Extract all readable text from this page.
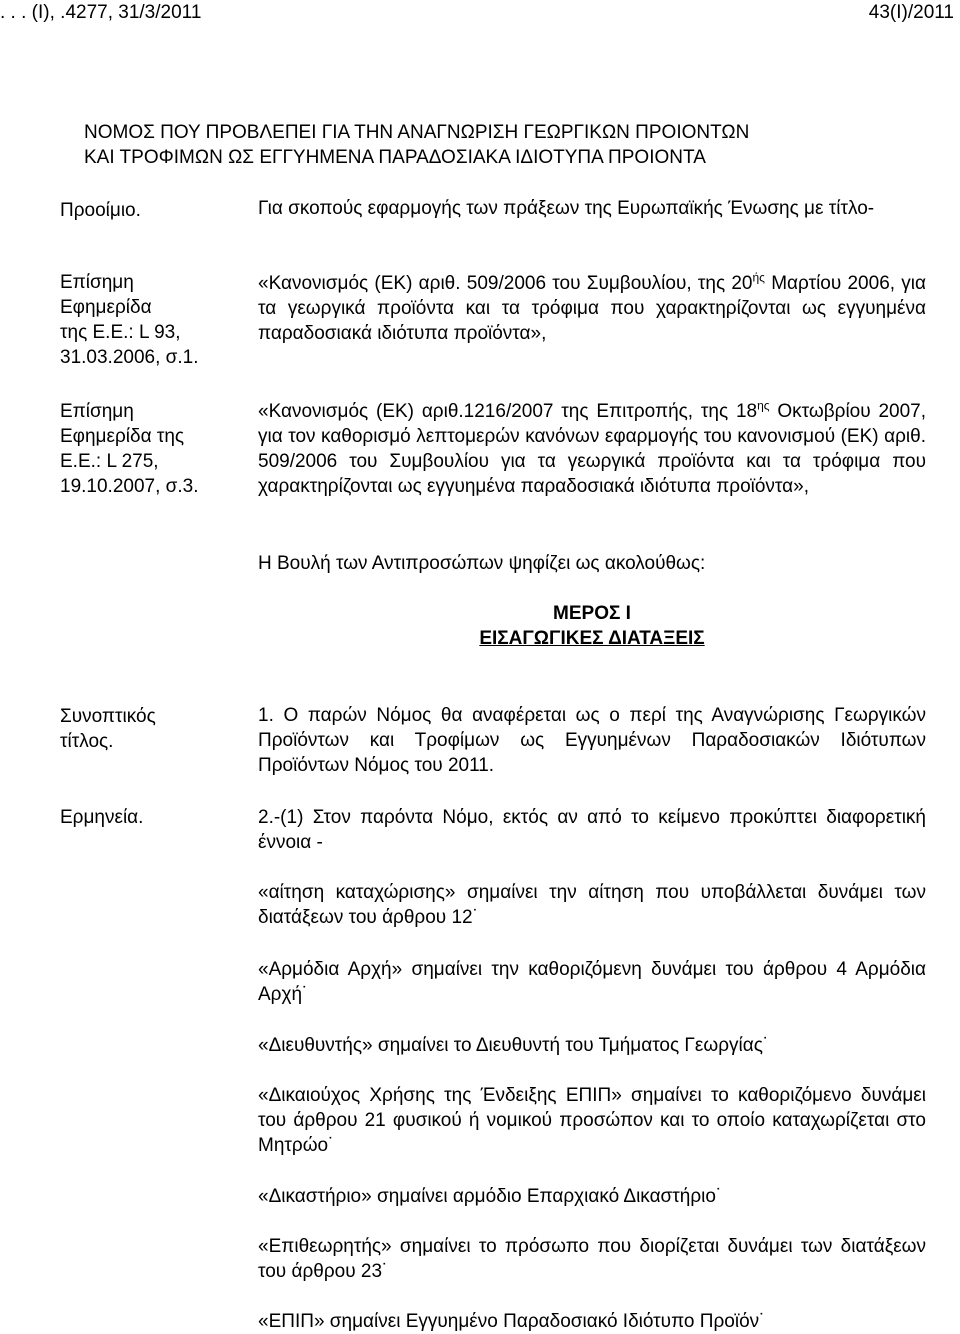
. . . (Ι), .4277, 31/3/2011	43(Ι)/2011
ΝΟΜΟΣ ΠΟΥ ΠΡΟΒΛΕΠΕΙ ΓΙΑ ΤΗΝ ΑΝΑΓΝΩΡΙΣΗ ΓΕΩΡΓΙΚΩΝ ΠΡΟΙΟΝΤΩΝ
ΚΑΙ ΤΡΟΦΙΜΩΝ ΩΣ ΕΓΓΥΗΜΕΝΑ ΠΑΡΑΔΟΣΙΑΚΑ ΙΔΙΟΤΥΠΑ ΠΡΟΙΟΝΤΑ
Προοίμιο.
Επίσημη
Εφημερίδα
της Ε.Ε.: L 93,
31.03.2006, σ.1.
Επίσημη
Εφημερίδα της
Ε.Ε.: L 275,
19.10.2007, σ.3.
Συνοπτικός
τίτλος.
Ερμηνεία.
Για σκοπούς εφαρμογής των πράξεων της Ευρωπαϊκής Ένωσης με τίτλο-
«Κανονισμός (ΕΚ) αριθ. 509/2006 του Συμβουλίου, της $20^{ή\varsigma}$ Μαρτίου 2006, για τα γεωργικά προϊόντα και τα τρόφιμα που χαρακτηρίζονται ως εγγυημένα παραδοσιακά ιδιότυπα προϊόντα»,
«Κανονισμός (ΕΚ) αριθ.1216/2007 της Επιτροπής, της $18^{\eta\varsigma}$ Οκτωβρίου 2007, για τον καθορισμό λεπτομερών κανόνων εφαρμογής του κανονισμού (ΕΚ) αριθ. 509/2006 του Συμβουλίου για τα γεωργικά προϊόντα και τα τρόφιμα που χαρακτηρίζονται ως εγγυημένα παραδοσιακά ιδιότυπα προϊόντα»,
Η Βουλή των Αντιπροσώπων ψηφίζει ως ακολούθως:
ΜΕΡΟΣ Ι
ΕΙΣΑΓΩΓΙΚΕΣ ΔΙΑΤΑΞΕΙΣ
1. Ο παρών Νόμος θα αναφέρεται ως ο περί της Αναγνώρισης Γεωργικών Προϊόντων και Τροφίμων ως Εγγυημένων Παραδοσιακών Ιδιότυπων Προϊόντων Νόμος του 2011.
2.-(1) Στον παρόντα Νόμο, εκτός αν από το κείμενο προκύπτει διαφορετική έννοια -

«αίτηση καταχώρισης» σημαίνει την αίτηση που υποβάλλεται δυνάμει των διατάξεων του άρθρου 12˙

«Αρμόδια Αρχή» σημαίνει την καθοριζόμενη δυνάμει του άρθρου 4 Αρμόδια Αρχή˙

«Διευθυντής» σημαίνει το Διευθυντή του Τμήματος Γεωργίας˙

«Δικαιούχος Χρήσης της Ένδειξης ΕΠΙΠ» σημαίνει το καθοριζόμενο δυνάμει του άρθρου 21 φυσικού ή νομικού προσώπον και το οποίο καταχωρίζεται στο Μητρώο˙

«Δικαστήριο» σημαίνει αρμόδιο Επαρχιακό Δικαστήριο˙

«Επιθεωρητής» σημαίνει το πρόσωπο που διορίζεται δυνάμει των διατάξεων του άρθρου 23˙

«ΕΠΙΠ» σημαίνει Εγγυημένο Παραδοσιακό Ιδιότυπο Προϊόν˙
